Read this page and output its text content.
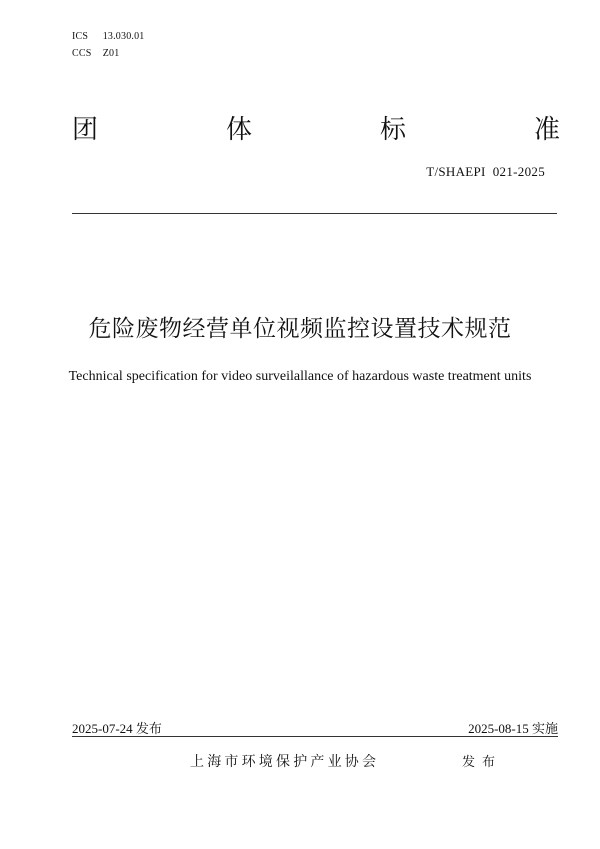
ICS 13.030.01
CCS Z01
团	体	标	准
T/SHAEPI  021-2025
危险废物经营单位视频监控设置技术规范
Technical specification for video surveilallance of hazardous waste treatment units
2025-07-24 发布	2025-08-15 实施
上海市环境保护产业协会	发布
